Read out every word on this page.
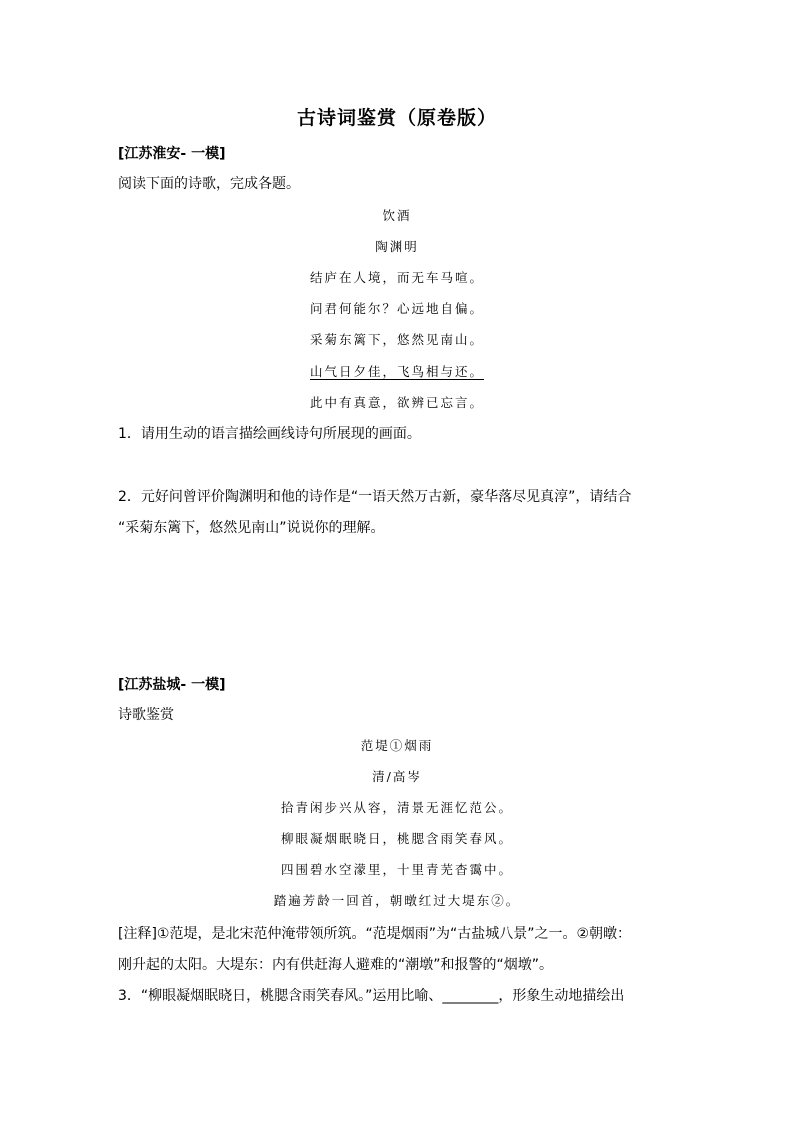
古诗词鉴赏（原卷版）
[江苏淮安- 一模]
阅读下面的诗歌，完成各题。
饮酒
陶渊明
结庐在人境，而无车马喧。
问君何能尔？心远地自偏。
采菊东篱下，悠然见南山。
山气日夕佳，飞鸟相与还。
此中有真意，欲辨已忘言。
1．请用生动的语言描绘画线诗句所展现的画面。
2．元好问曾评价陶渊明和他的诗作是“一语天然万古新，豪华落尽见真淳”，请结合
“采菊东篱下，悠然见南山”说说你的理解。
[江苏盐城- 一模]
诗歌鉴赏
范堤①烟雨
清/高岑
拾青闲步兴从容，清景无涯忆范公。
柳眼凝烟眠晓日，桃腮含雨笑春风。
四围碧水空濛里，十里青芜杳霭中。
踏遍芳龄一回首，朝暾红过大堤东②。
[注释]①范堤，是北宋范仲淹带领所筑。“范堤烟雨”为“古盐城八景”之一。②朝暾：
刚升起的太阳。大堤东：内有供赶海人避难的“潮墩”和报警的“烟墩”。
3．“柳眼凝烟眠晓日，桃腮含雨笑春风。”运用比喻、________，形象生动地描绘出
